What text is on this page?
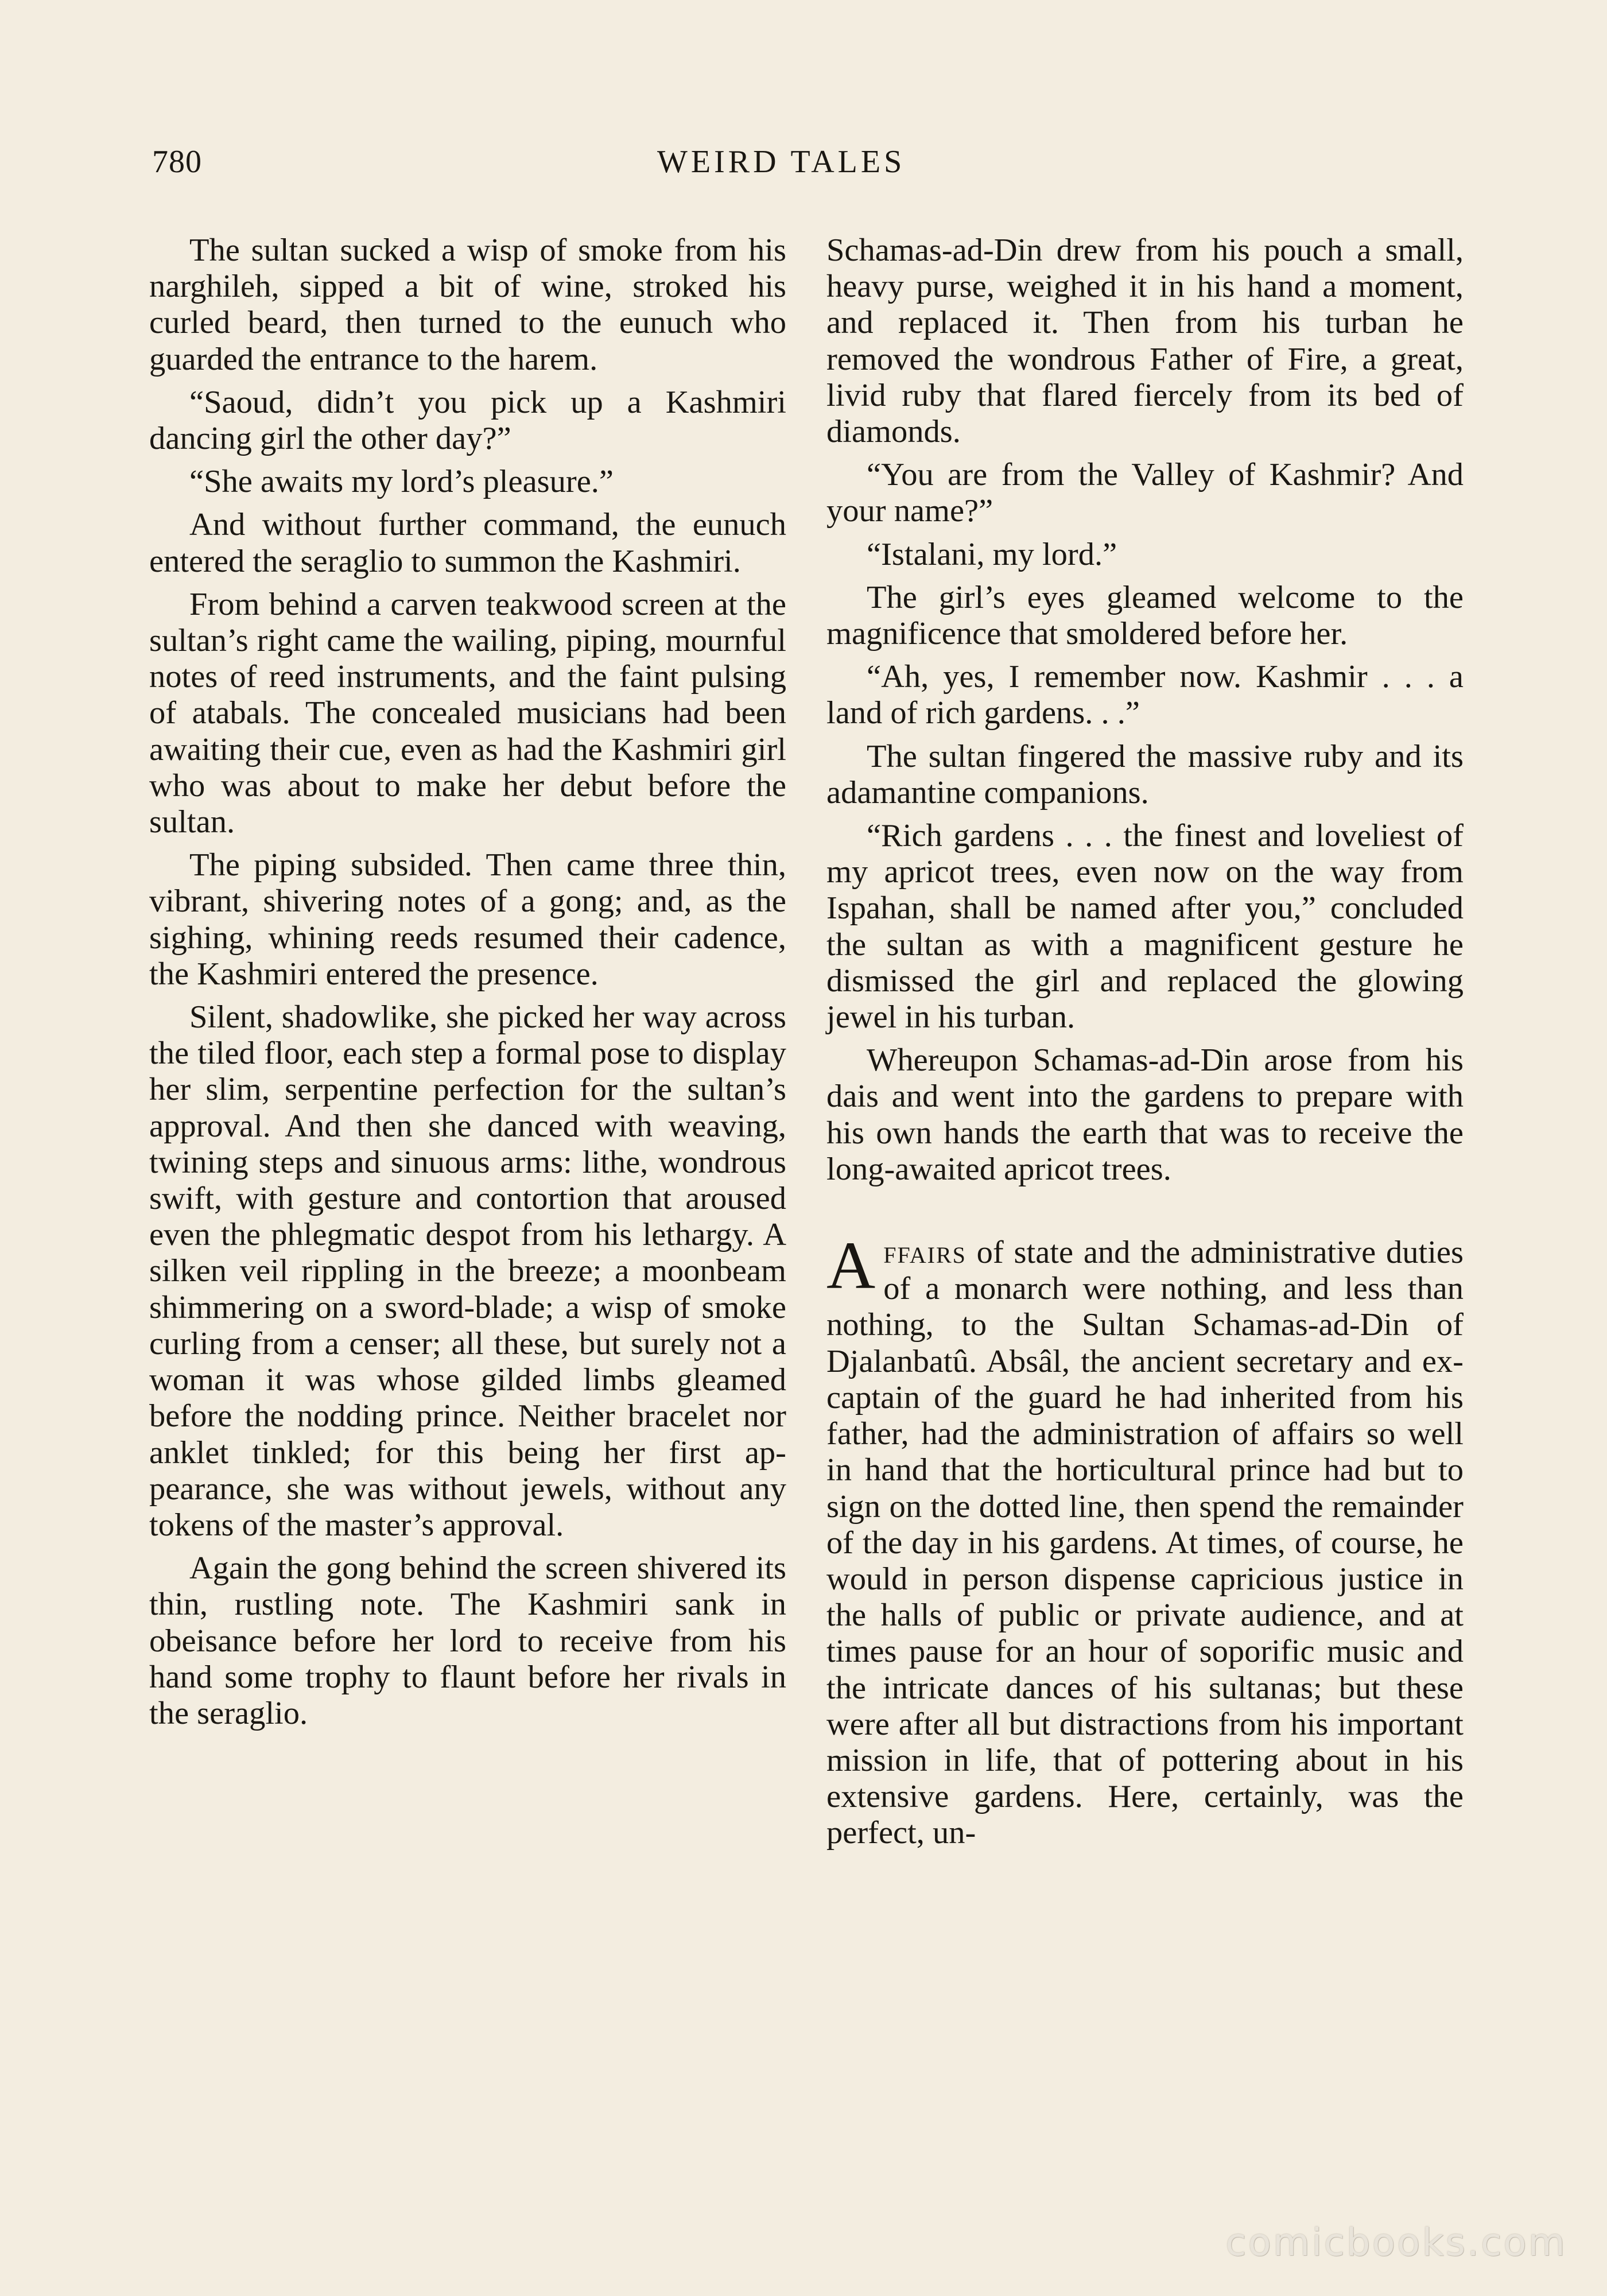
780	WEIRD TALES

The sultan sucked a wisp of smoke from his narghileh, sipped a bit of wine, stroked his curled beard, then turned to the eunuch who guarded the entrance to the harem.

“Saoud, didn’t you pick up a Kashmiri dancing girl the other day?”

“She awaits my lord’s pleasure.”

And without further command, the eunuch entered the seraglio to summon the Kashmiri.

From behind a carven teakwood screen at the sultan’s right came the wailing, piping, mournful notes of reed instruments, and the faint pulsing of atabals. The concealed musicians had been awaiting their cue, even as had the Kashmiri girl who was about to make her debut before the sultan.

The piping subsided. Then came three thin, vibrant, shivering notes of a gong; and, as the sighing, whining reeds resumed their cadence, the Kashmiri entered the presence.

Silent, shadowlike, she picked her way across the tiled floor, each step a formal pose to display her slim, serpentine perfection for the sultan’s approval. And then she danced with weaving, twining steps and sinuous arms: lithe, wondrous swift, with gesture and contortion that aroused even the phlegmatic despot from his lethargy. A silken veil rippling in the breeze; a moonbeam shimmering on a sword-blade; a wisp of smoke curling from a censer; all these, but surely not a woman it was whose gilded limbs gleamed before the nodding prince. Neither bracelet nor anklet tinkled; for this being her first appearance, she was without jewels, without any tokens of the master’s approval.

Again the gong behind the screen shivered its thin, rustling note. The Kashmiri sank in obeisance before her lord to receive from his hand some trophy to flaunt before her rivals in the seraglio.

Schamas-ad-Din drew from his pouch a small, heavy purse, weighed it in his hand a moment, and replaced it. Then from his turban he removed the wondrous Father of Fire, a great, livid ruby that flared fiercely from its bed of diamonds.

“You are from the Valley of Kashmir? And your name?”

“Istalani, my lord.”

The girl’s eyes gleamed welcome to the magnificence that smoldered before her.

“Ah, yes, I remember now. Kashmir . . . a land of rich gardens. . .”

The sultan fingered the massive ruby and its adamantine companions.

“Rich gardens . . . the finest and loveliest of my apricot trees, even now on the way from Ispahan, shall be named after you,” concluded the sultan as with a magnificent gesture he dismissed the girl and replaced the glowing jewel in his turban.

Whereupon Schamas-ad-Din arose from his dais and went into the gardens to prepare with his own hands the earth that was to receive the long-awaited apricot trees.

Affairs of state and the administrative duties of a monarch were nothing, and less than nothing, to the Sultan Schamas-ad-Din of Djalanbatû. Absâl, the ancient secretary and ex-captain of the guard he had inherited from his father, had the administration of affairs so well in hand that the horticultural prince had but to sign on the dotted line, then spend the remainder of the day in his gardens. At times, of course, he would in person dispense capricious justice in the halls of public or private audience, and at times pause for an hour of soporific music and the intricate dances of his sultanas; but these were after all but distractions from his important mission in life, that of pottering about in his extensive gardens. Here, certainly, was the perfect, un-

comicbooks.com
